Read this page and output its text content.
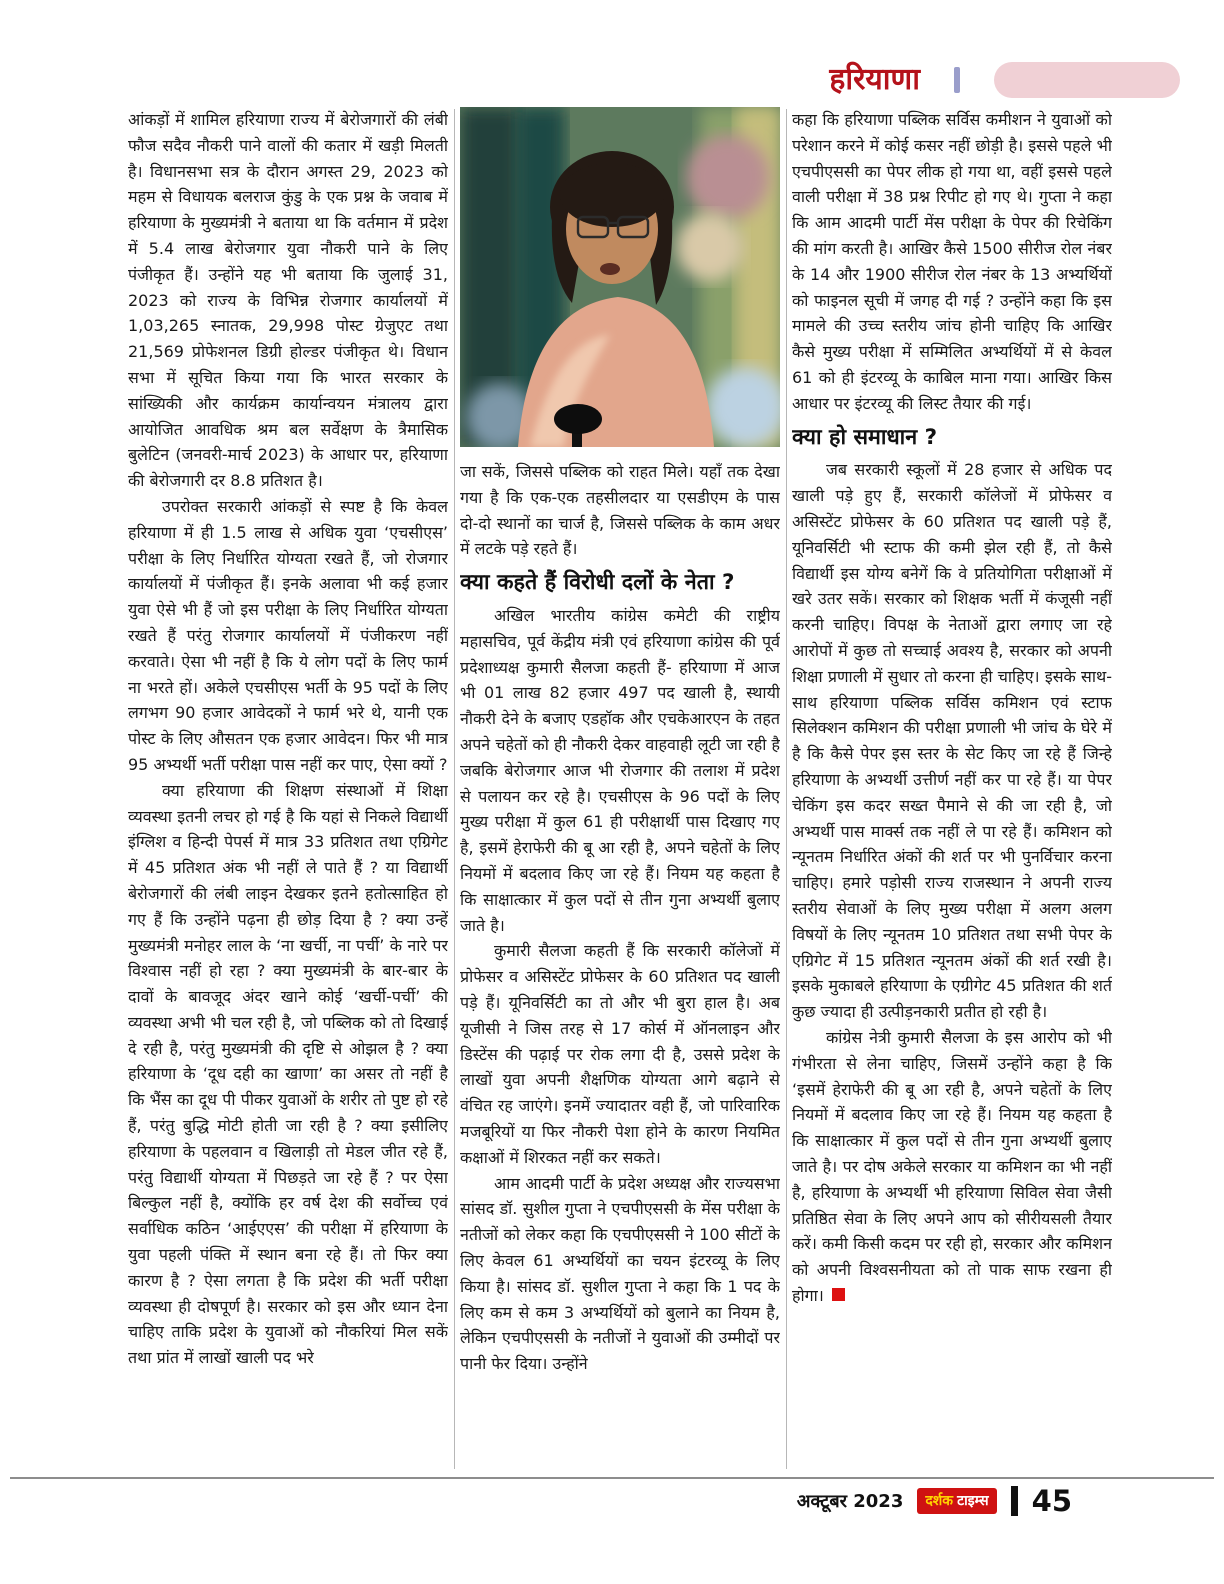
हरियाणा

आंकड़ों में शामिल हरियाणा राज्य में बेरोजगारों की लंबी फौज सदैव नौकरी पाने वालों की कतार में खड़ी मिलती है। विधानसभा सत्र के दौरान अगस्त 29, 2023 को महम से विधायक बलराज कुंडु के एक प्रश्न के जवाब में हरियाणा के मुख्यमंत्री ने बताया था कि वर्तमान में प्रदेश में 5.4 लाख बेरोजगार युवा नौकरी पाने के लिए पंजीकृत हैं। उन्होंने यह भी बताया कि जुलाई 31, 2023 को राज्य के विभिन्न रोजगार कार्यालयों में 1,03,265 स्नातक, 29,998 पोस्ट ग्रेजुएट तथा 21,569 प्रोफेशनल डिग्री होल्डर पंजीकृत थे। विधान सभा में सूचित किया गया कि भारत सरकार के सांख्यिकी और कार्यक्रम कार्यान्वयन मंत्रालय द्वारा आयोजित आवधिक श्रम बल सर्वेक्षण के त्रैमासिक बुलेटिन (जनवरी-मार्च 2023) के आधार पर, हरियाणा की बेरोजगारी दर 8.8 प्रतिशत है।

उपरोक्त सरकारी आंकड़ों से स्पष्ट है कि केवल हरियाणा में ही 1.5 लाख से अधिक युवा ‘एचसीएस’ परीक्षा के लिए निर्धारित योग्यता रखते हैं, जो रोजगार कार्यालयों में पंजीकृत हैं। इनके अलावा भी कई हजार युवा ऐसे भी हैं जो इस परीक्षा के लिए निर्धारित योग्यता रखते हैं परंतु रोजगार कार्यालयों में पंजीकरण नहीं करवाते। ऐसा भी नहीं है कि ये लोग पदों के लिए फार्म ना भरते हों। अकेले एचसीएस भर्ती के 95 पदों के लिए लगभग 90 हजार आवेदकों ने फार्म भरे थे, यानी एक पोस्ट के लिए औसतन एक हजार आवेदन। फिर भी मात्र 95 अभ्यर्थी भर्ती परीक्षा पास नहीं कर पाए, ऐसा क्यों ?

क्या हरियाणा की शिक्षण संस्थाओं में शिक्षा व्यवस्था इतनी लचर हो गई है कि यहां से निकले विद्यार्थी इंग्लिश व हिन्दी पेपर्स में मात्र 33 प्रतिशत तथा एग्रिगेट में 45 प्रतिशत अंक भी नहीं ले पाते हैं ? या विद्यार्थी बेरोजगारों की लंबी लाइन देखकर इतने हतोत्साहित हो गए हैं कि उन्होंने पढ़ना ही छोड़ दिया है ? क्या उन्हें मुख्यमंत्री मनोहर लाल के ‘ना खर्ची, ना पर्ची’ के नारे पर विश्वास नहीं हो रहा ? क्या मुख्यमंत्री के बार-बार के दावों के बावजूद अंदर खाने कोई ‘खर्ची-पर्ची’ की व्यवस्था अभी भी चल रही है, जो पब्लिक को तो दिखाई दे रही है, परंतु मुख्यमंत्री की दृष्टि से ओझल है ? क्या हरियाणा के ‘दूध दही का खाणा’ का असर तो नहीं है कि भैंस का दूध पी पीकर युवाओं के शरीर तो पुष्ट हो रहे हैं, परंतु बुद्धि मोटी होती जा रही है ? क्या इसीलिए हरियाणा के पहलवान व खिलाड़ी तो मेडल जीत रहे हैं, परंतु विद्यार्थी योग्यता में पिछड़ते जा रहे हैं ? पर ऐसा बिल्कुल नहीं है, क्योंकि हर वर्ष देश की सर्वोच्च एवं सर्वाधिक कठिन ‘आईएएस’ की परीक्षा में हरियाणा के युवा पहली पंक्ति में स्थान बना रहे हैं। तो फिर क्या कारण है ? ऐसा लगता है कि प्रदेश की भर्ती परीक्षा व्यवस्था ही दोषपूर्ण है। सरकार को इस और ध्यान देना चाहिए ताकि प्रदेश के युवाओं को नौकरियां मिल सकें तथा प्रांत में लाखों खाली पद भरे

जा सकें, जिससे पब्लिक को राहत मिले। यहाँ तक देखा गया है कि एक-एक तहसीलदार या एसडीएम के पास दो-दो स्थानों का चार्ज है, जिससे पब्लिक के काम अधर में लटके पड़े रहते हैं।

क्या कहते हैं विरोधी दलों के नेता ?

अखिल भारतीय कांग्रेस कमेटी की राष्ट्रीय महासचिव, पूर्व केंद्रीय मंत्री एवं हरियाणा कांग्रेस की पूर्व प्रदेशाध्यक्ष कुमारी सैलजा कहती हैं- हरियाणा में आज भी 01 लाख 82 हजार 497 पद खाली है, स्थायी नौकरी देने के बजाए एडहॉक और एचकेआरएन के तहत अपने चहेतों को ही नौकरी देकर वाहवाही लूटी जा रही है जबकि बेरोजगार आज भी रोजगार की तलाश में प्रदेश से पलायन कर रहे है। एचसीएस के 96 पदों के लिए मुख्य परीक्षा में कुल 61 ही परीक्षार्थी पास दिखाए गए है, इसमें हेराफेरी की बू आ रही है, अपने चहेतों के लिए नियमों में बदलाव किए जा रहे हैं। नियम यह कहता है कि साक्षात्कार में कुल पदों से तीन गुना अभ्यर्थी बुलाए जाते है।

कुमारी सैलजा कहती हैं कि सरकारी कॉलेजों में प्रोफेसर व असिस्टेंट प्रोफेसर के 60 प्रतिशत पद खाली पड़े हैं। यूनिवर्सिटी का तो और भी बुरा हाल है। अब यूजीसी ने जिस तरह से 17 कोर्स में ऑनलाइन और डिस्टेंस की पढ़ाई पर रोक लगा दी है, उससे प्रदेश के लाखों युवा अपनी शैक्षणिक योग्यता आगे बढ़ाने से वंचित रह जाएंगे। इनमें ज्यादातर वही हैं, जो पारिवारिक मजबूरियों या फिर नौकरी पेशा होने के कारण नियमित कक्षाओं में शिरकत नहीं कर सकते।

आम आदमी पार्टी के प्रदेश अध्यक्ष और राज्यसभा सांसद डॉ. सुशील गुप्ता ने एचपीएससी के मेंस परीक्षा के नतीजों को लेकर कहा कि एचपीएससी ने 100 सीटों के लिए केवल 61 अभ्यर्थियों का चयन इंटरव्यू के लिए किया है। सांसद डॉ. सुशील गुप्ता ने कहा कि 1 पद के लिए कम से कम 3 अभ्यर्थियों को बुलाने का नियम है, लेकिन एचपीएससी के नतीजों ने युवाओं की उम्मीदों पर पानी फेर दिया। उन्होंने

कहा कि हरियाणा पब्लिक सर्विस कमीशन ने युवाओं को परेशान करने में कोई कसर नहीं छोड़ी है। इससे पहले भी एचपीएससी का पेपर लीक हो गया था, वहीं इससे पहले वाली परीक्षा में 38 प्रश्न रिपीट हो गए थे। गुप्ता ने कहा कि आम आदमी पार्टी मेंस परीक्षा के पेपर की रिचेकिंग की मांग करती है। आखिर कैसे 1500 सीरीज रोल नंबर के 14 और 1900 सीरीज रोल नंबर के 13 अभ्यर्थियों को फाइनल सूची में जगह दी गई ? उन्होंने कहा कि इस मामले की उच्च स्तरीय जांच होनी चाहिए कि आखिर कैसे मुख्य परीक्षा में सम्मिलित अभ्यर्थियों में से केवल 61 को ही इंटरव्यू के काबिल माना गया। आखिर किस आधार पर इंटरव्यू की लिस्ट तैयार की गई।

क्या हो समाधान ?

जब सरकारी स्कूलों में 28 हजार से अधिक पद खाली पड़े हुए हैं, सरकारी कॉलेजों में प्रोफेसर व असिस्टेंट प्रोफेसर के 60 प्रतिशत पद खाली पड़े हैं, यूनिवर्सिटी भी स्टाफ की कमी झेल रही हैं, तो कैसे विद्यार्थी इस योग्य बनेगें कि वे प्रतियोगिता परीक्षाओं में खरे उतर सकें। सरकार को शिक्षक भर्ती में कंजूसी नहीं करनी चाहिए। विपक्ष के नेताओं द्वारा लगाए जा रहे आरोपों में कुछ तो सच्चाई अवश्य है, सरकार को अपनी शिक्षा प्रणाली में सुधार तो करना ही चाहिए। इसके साथ-साथ हरियाणा पब्लिक सर्विस कमिशन एवं स्टाफ सिलेक्शन कमिशन की परीक्षा प्रणाली भी जांच के घेरे में है कि कैसे पेपर इस स्तर के सेट किए जा रहे हैं जिन्हे हरियाणा के अभ्यर्थी उत्तीर्ण नहीं कर पा रहे हैं। या पेपर चेकिंग इस कदर सख्त पैमाने से की जा रही है, जो अभ्यर्थी पास मार्क्स तक नहीं ले पा रहे हैं। कमिशन को न्यूनतम निर्धारित अंकों की शर्त पर भी पुनर्विचार करना चाहिए। हमारे पड़ोसी राज्य राजस्थान ने अपनी राज्य स्तरीय सेवाओं के लिए मुख्य परीक्षा में अलग अलग विषयों के लिए न्यूनतम 10 प्रतिशत तथा सभी पेपर के एग्रिगेट में 15 प्रतिशत न्यूनतम अंकों की शर्त रखी है। इसके मुकाबले हरियाणा के एग्रीगेट 45 प्रतिशत की शर्त कुछ ज्यादा ही उत्पीड़नकारी प्रतीत हो रही है।

कांग्रेस नेत्री कुमारी सैलजा के इस आरोप को भी गंभीरता से लेना चाहिए, जिसमें उन्होंने कहा है कि ‘इसमें हेराफेरी की बू आ रही है, अपने चहेतों के लिए नियमों में बदलाव किए जा रहे हैं। नियम यह कहता है कि साक्षात्कार में कुल पदों से तीन गुना अभ्यर्थी बुलाए जाते है। पर दोष अकेले सरकार या कमिशन का भी नहीं है, हरियाणा के अभ्यर्थी भी हरियाणा सिविल सेवा जैसी प्रतिष्ठित सेवा के लिए अपने आप को सीरीयसली तैयार करें। कमी किसी कदम पर रही हो, सरकार और कमिशन को अपनी विश्वसनीयता को तो पाक साफ रखना ही होगा।

अक्टूबर 2023 दर्शक टाइम्स 45
